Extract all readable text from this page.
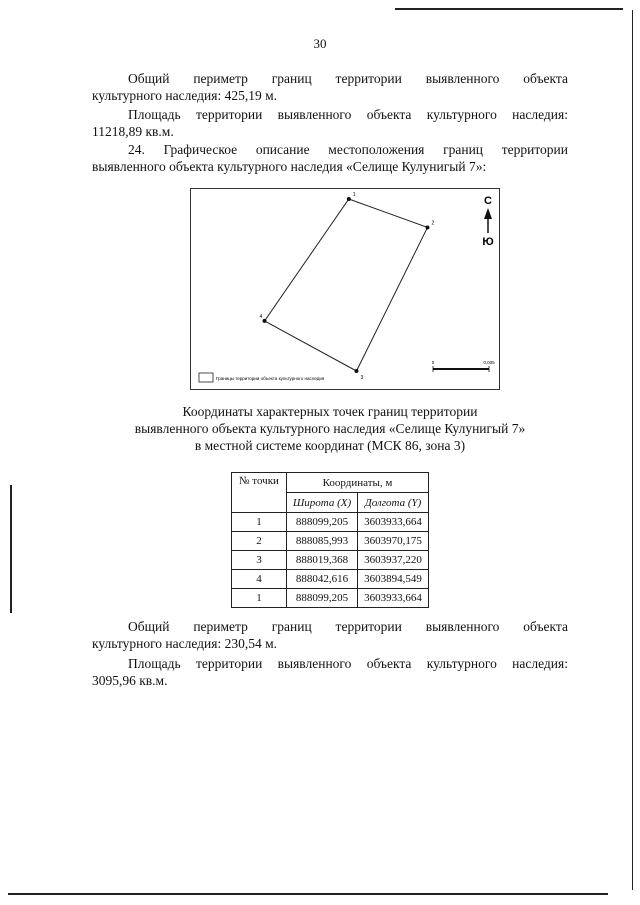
30

Общий периметр границ территории выявленного объекта
культурного наследия: 425,19 м.

Площадь территории выявленного объекта культурного наследия:
11218,89 кв.м.

24. Графическое описание местоположения границ территории
выявленного объекта культурного наследия «Селище Кулунигый 7»:

1
2
3
4
С
Ю
Границы территории объекта культурного наследия
0	0,005
Координаты характерных точек границ территории
выявленного объекта культурного наследия «Селище Кулунигый 7»
в местной системе координат (МСК 86, зона 3)
№ точки	Координаты, м	
	Широта (X)	Долгота (Y)
1	888099,205	3603933,664
2	888085,993	3603970,175
3	888019,368	3603937,220
4	888042,616	3603894,549
1	888099,205	3603933,664

Общий периметр границ территории выявленного объекта
культурного наследия: 230,54 м.

Площадь территории выявленного объекта культурного наследия:
3095,96 кв.м.
